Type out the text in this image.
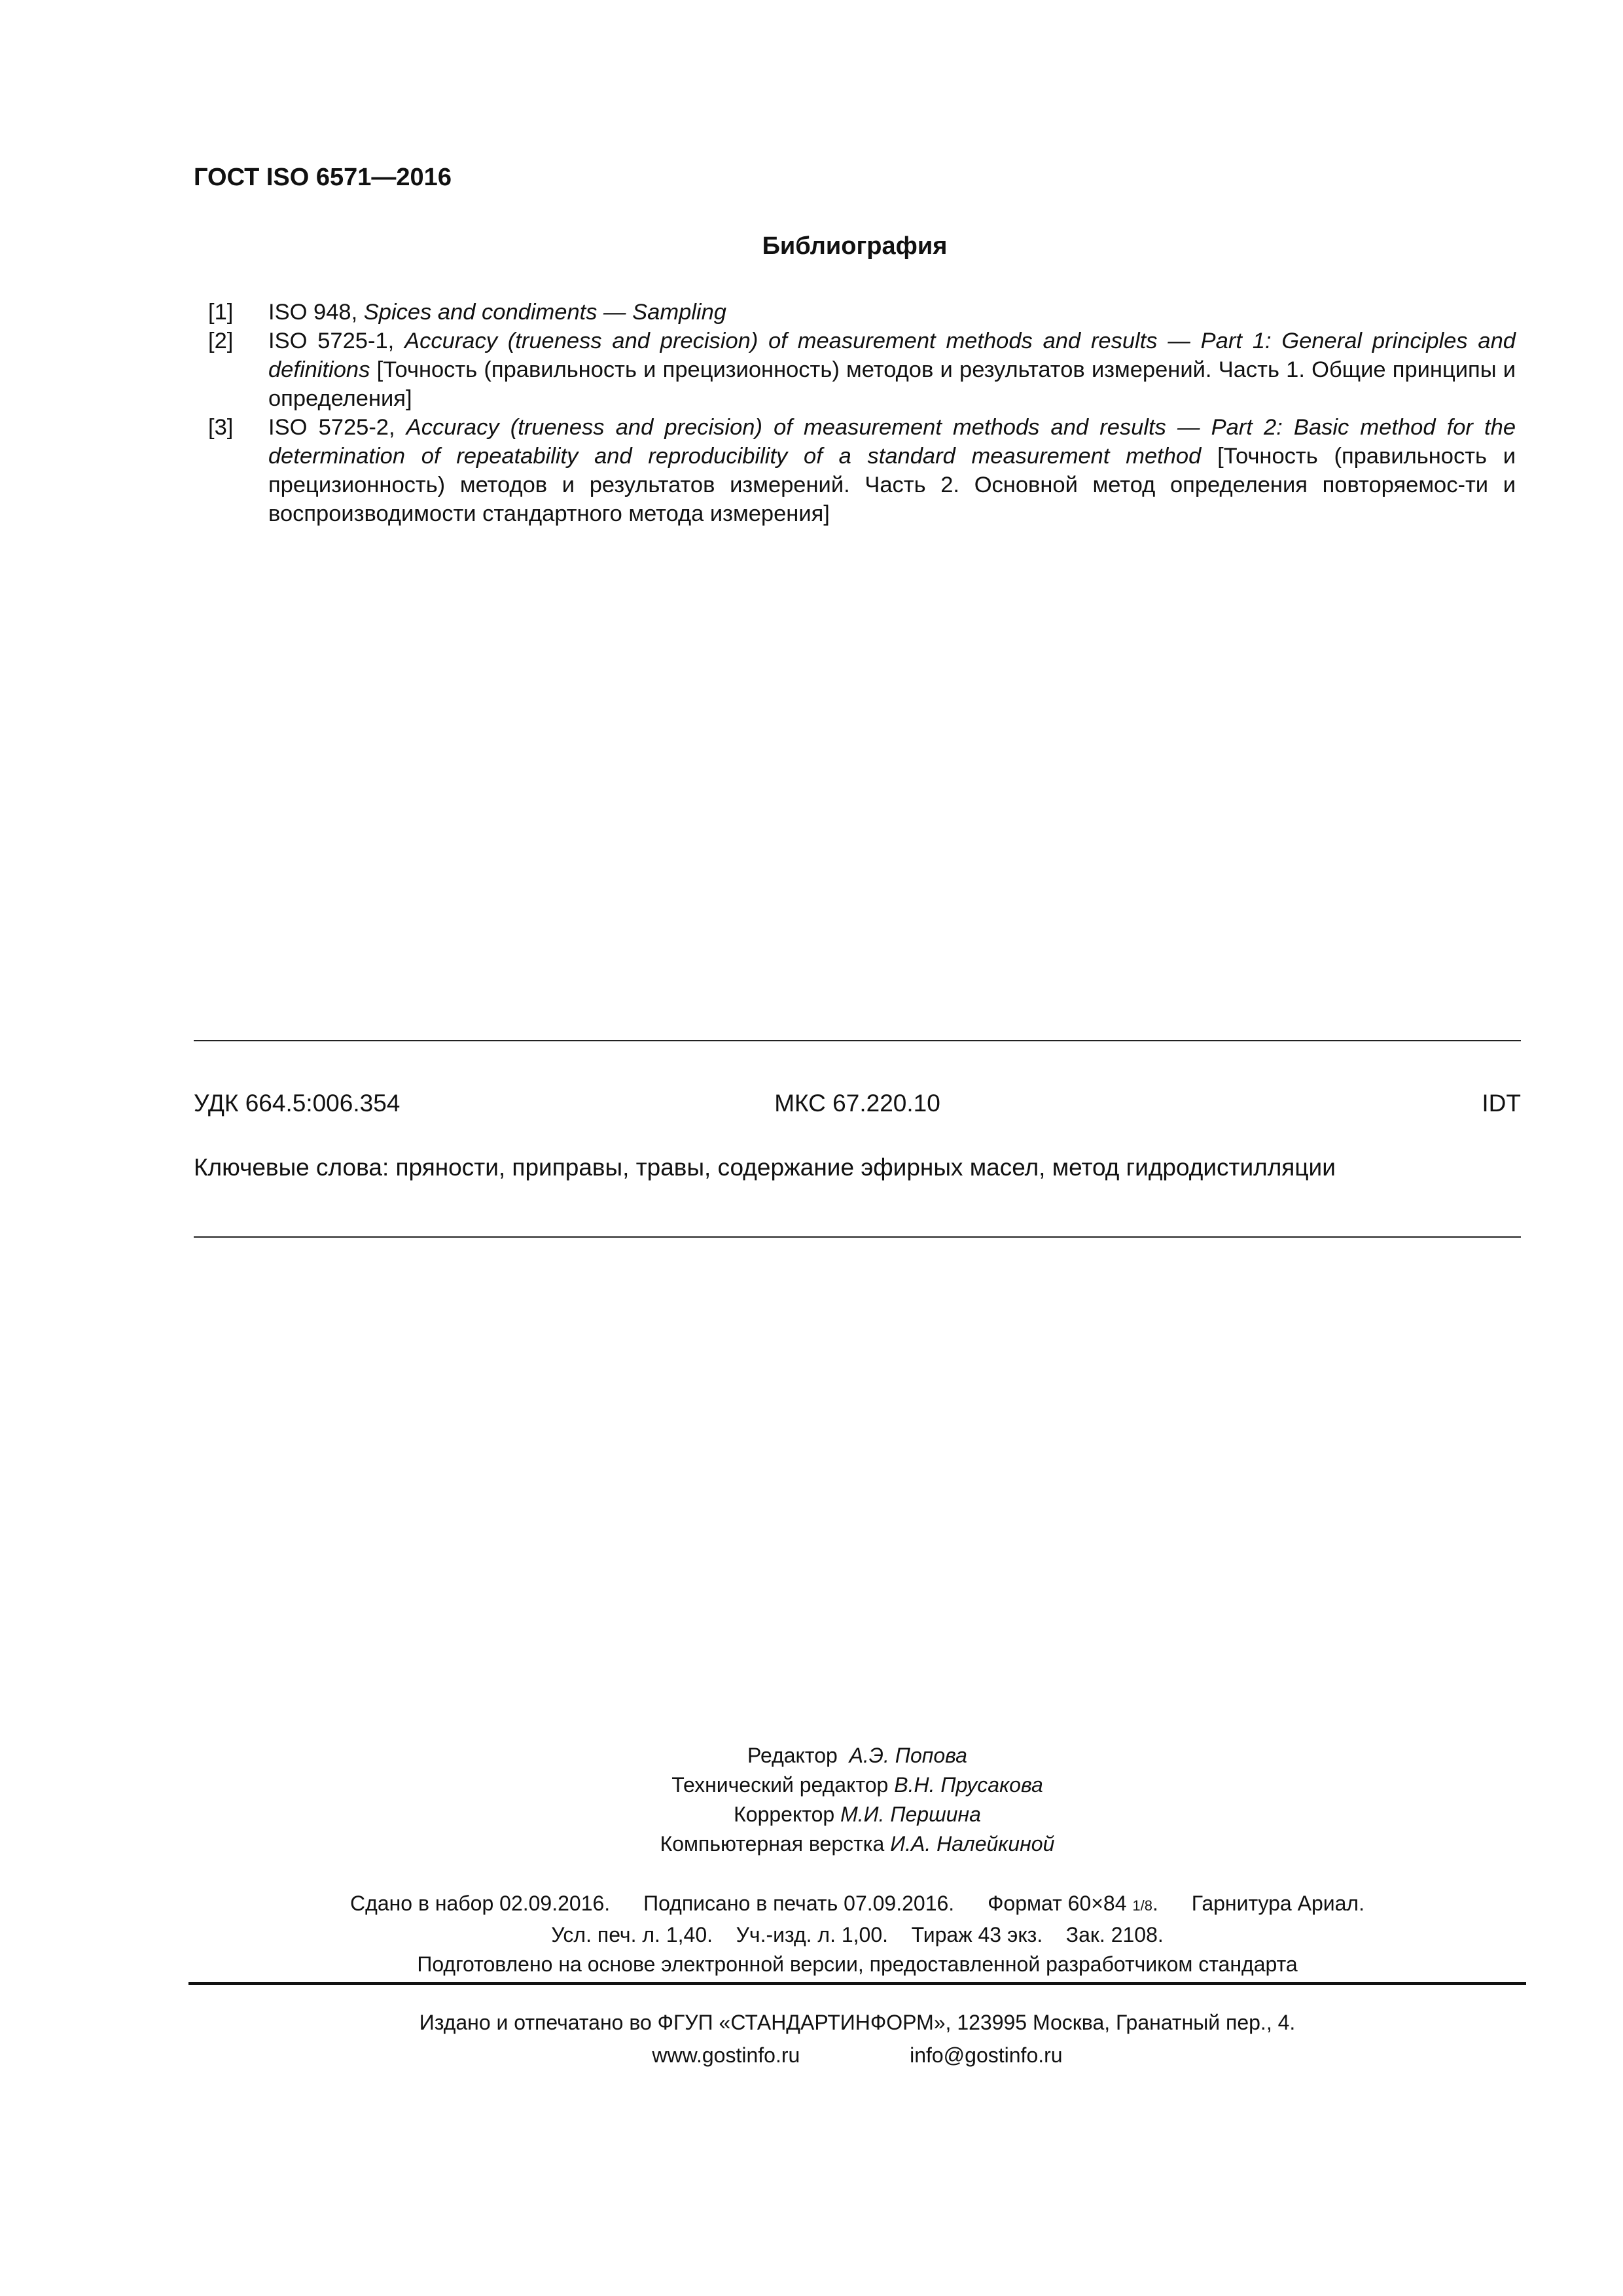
ГОСТ ISO 6571—2016
Библиография
[1]	ISO 948, Spices and condiments — Sampling
[2]	ISO 5725-1, Accuracy (trueness and precision) of measurement methods and results — Part 1: General principles and definitions [Точность (правильность и прецизионность) методов и результатов измерений. Часть 1. Общие принципы и определения]
[3]	ISO 5725-2, Accuracy (trueness and precision) of measurement methods and results — Part 2: Basic method for the determination of repeatability and reproducibility of a standard measurement method [Точность (правильность и прецизионность) методов и результатов измерений. Часть 2. Основной метод определения повторяемос-ти и воспроизводимости стандартного метода измерения]
УДК 664.5:006.354	МКС 67.220.10	IDT
Ключевые слова: пряности, приправы, травы, содержание эфирных масел, метод гидродистилляции
Редактор А.Э. Попова
Технический редактор В.Н. Прусакова
Корректор М.И. Першина
Компьютерная верстка И.А. Налейкиной
Сдано в набор 02.09.2016. Подписано в печать 07.09.2016. Формат 60×84 1/8. Гарнитура Ариал.
Усл. печ. л. 1,40. Уч.-изд. л. 1,00. Тираж 43 экз. Зак. 2108.
Подготовлено на основе электронной версии, предоставленной разработчиком стандарта
Издано и отпечатано во ФГУП «СТАНДАРТИНФОРМ», 123995 Москва, Гранатный пер., 4.
www.gostinfo.ru	info@gostinfo.ru
